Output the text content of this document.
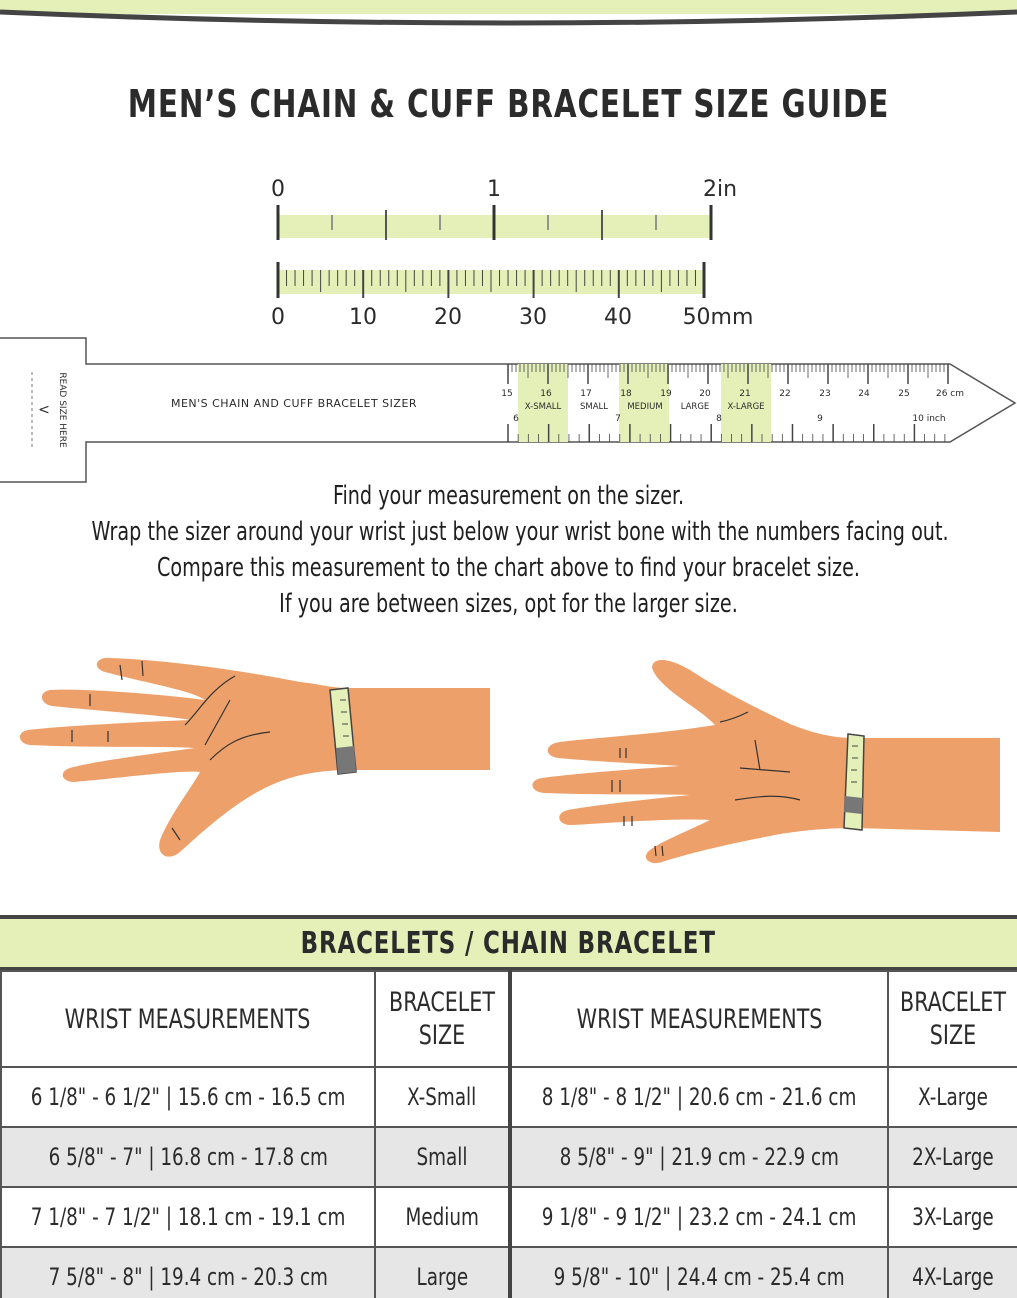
MEN’S CHAIN & CUFF BRACELET SIZE GUIDE
0	1	2in
0	10	20	30	40 50mm
READ SIZE HERE
<	MEN'S CHAIN AND CUFF BRACELET SIZER
15	16	17	18	19	20	21	22	23	24	25	26 cm
X-SMALL SMALL MEDIUM LARGE X-LARGE
6	7	8	9	10 inch
Find your measurement on the sizer.
Wrap the sizer around your wrist just below your wrist bone with the numbers facing out.
Compare this measurement to the chart above to find your bracelet size.
If you are between sizes, opt for the larger size.
BRACELETS / CHAIN BRACELET
WRIST MEASUREMENTS	BRACELET SIZE	WRIST MEASUREMENTS	BRACELET SIZE
6 1/8" - 6 1/2" | 15.6 cm - 16.5 cm	X-Small	8 1/8" - 8 1/2" | 20.6 cm - 21.6 cm	X-Large
6 5/8" - 7" | 16.8 cm - 17.8 cm	Small	8 5/8" - 9" | 21.9 cm - 22.9 cm	2X-Large
7 1/8" - 7 1/2" | 18.1 cm - 19.1 cm	Medium	9 1/8" - 9 1/2" | 23.2 cm - 24.1 cm	3X-Large
7 5/8" - 8" | 19.4 cm - 20.3 cm	Large	9 5/8" - 10" | 24.4 cm - 25.4 cm	4X-Large
